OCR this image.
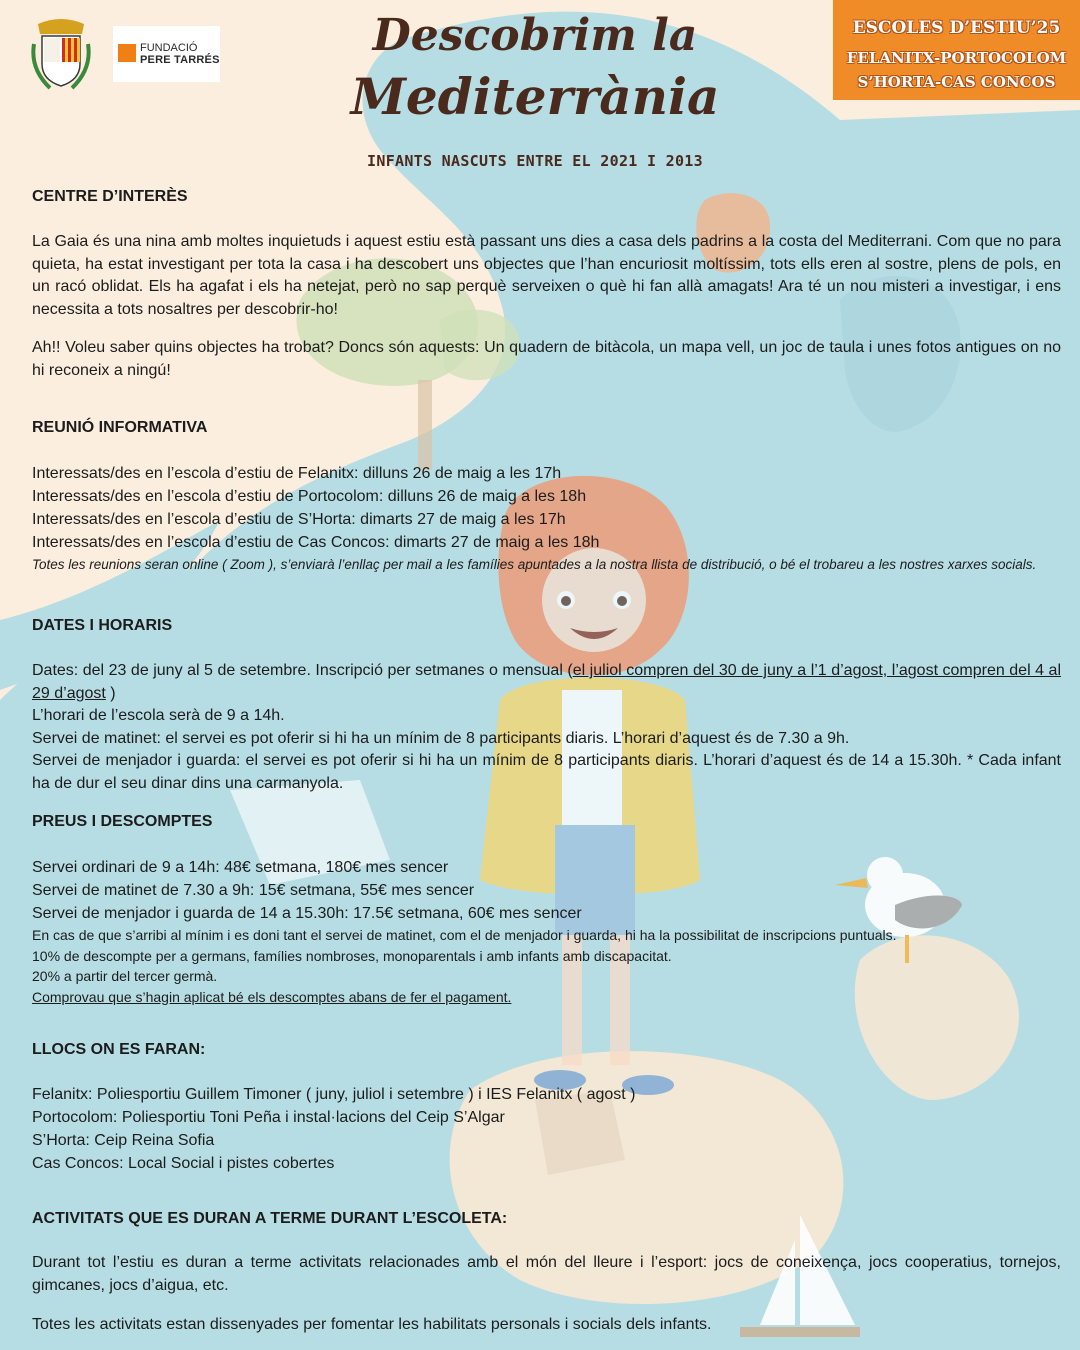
FUNDACIÓ
PERE TARRÉS	Descobrim la
Mediterrània
INFANTS NASCUTS ENTRE EL 2021 I 2013
ESCOLES D’ESTIU’25
FELANITX-PORTOCOLOM
S’HORTA-CAS CONCOS

CENTRE D’INTERÈS

La Gaia és una nina amb moltes inquietuds i aquest estiu està passant uns dies a casa dels padrins a la costa del Mediterrani. Com que no para quieta, ha estat investigant per tota la casa i ha descobert uns objectes que l’han encuriosit moltíssim, tots ells eren al sostre, plens de pols, en un racó oblidat. Els ha agafat i els ha netejat, però no sap perquè serveixen o què hi fan allà amagats! Ara té un nou misteri a investigar, i ens necessita a tots nosaltres per descobrir-ho!

Ah!! Voleu saber quins objectes ha trobat? Doncs són aquests: Un quadern de bitàcola, un mapa vell, un joc de taula i unes fotos antigues on no hi reconeix a ningú!

REUNIÓ INFORMATIVA

Interessats/des en l’escola d’estiu de Felanitx: dilluns 26 de maig a les 17h

Interessats/des en l’escola d’estiu de Portocolom: dilluns 26 de maig a les 18h

Interessats/des en l’escola d’estiu de S’Horta: dimarts 27 de maig a les 17h

Interessats/des en l’escola d’estiu de Cas Concos: dimarts 27 de maig a les 18h

Totes les reunions seran online ( Zoom ), s’enviarà l’enllaç per mail a les famílies apuntades a la nostra llista de distribució, o bé el trobareu a les nostres xarxes socials.

DATES I HORARIS

Dates: del 23 de juny al 5 de setembre. Inscripció per setmanes o mensual (el juliol compren del 30 de juny a l’1 d’agost, l’agost compren del 4 al 29 d’agost )

L’horari de l’escola serà de 9 a 14h.

Servei de matinet: el servei es pot oferir si hi ha un mínim de 8 participants diaris. L’horari d’aquest és de 7.30 a 9h.

Servei de menjador i guarda: el servei es pot oferir si hi ha un mínim de 8 participants diaris. L’horari d’aquest és de 14 a 15.30h. * Cada infant ha de dur el seu dinar dins una carmanyola.

PREUS I DESCOMPTES

Servei ordinari de 9 a 14h: 48€ setmana, 180€ mes sencer

Servei de matinet de 7.30 a 9h: 15€ setmana, 55€ mes sencer

Servei de menjador i guarda de 14 a 15.30h: 17.5€ setmana, 60€ mes sencer

En cas de que s’arribi al mínim i es doni tant el servei de matinet, com el de menjador i guarda, hi ha la possibilitat de inscripcions puntuals.

10% de descompte per a germans, famílies nombroses, monoparentals i amb infants amb discapacitat.

20% a partir del tercer germà.

Comprovau que s’hagin aplicat bé els descomptes abans de fer el pagament.

LLOCS ON ES FARAN:

Felanitx: Poliesportiu Guillem Timoner ( juny, juliol i setembre ) i IES Felanitx ( agost )

Portocolom: Poliesportiu Toni Peña i instal·lacions del Ceip S’Algar

S’Horta: Ceip Reina Sofia

Cas Concos: Local Social i pistes cobertes

ACTIVITATS QUE ES DURAN A TERME DURANT L’ESCOLETA:

Durant tot l’estiu es duran a terme activitats relacionades amb el món del lleure i l’esport: jocs de coneixença, jocs cooperatius, tornejos, gimcanes, jocs d’aigua, etc.

Totes les activitats estan dissenyades per fomentar les habilitats personals i socials dels infants.
